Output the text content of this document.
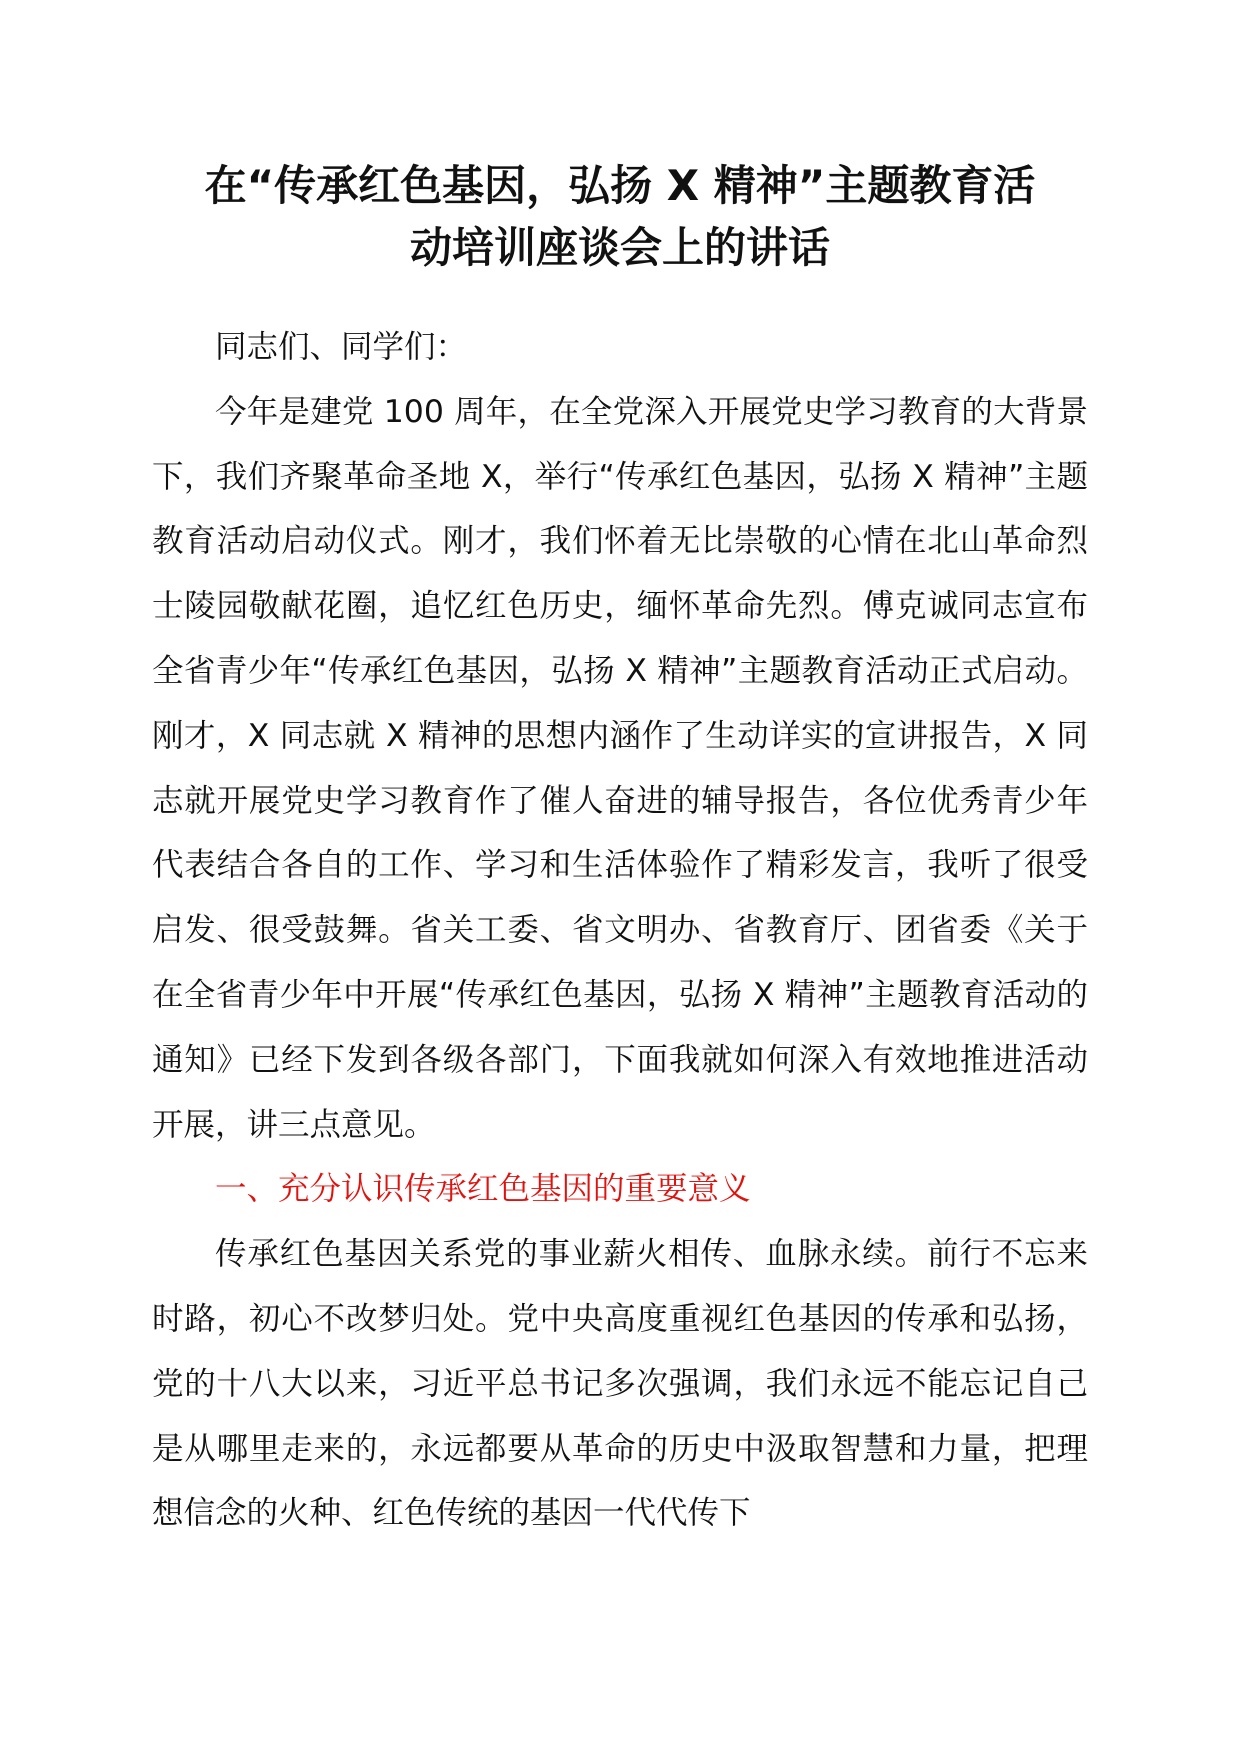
在“传承红色基因，弘扬 X 精神”主题教育活
动培训座谈会上的讲话

同志们、同学们：

今年是建党 100 周年，在全党深入开展党史学习教育的大背景下，我们齐聚革命圣地 X，举行“传承红色基因，弘扬 X 精神”主题教育活动启动仪式。刚才，我们怀着无比崇敬的心情在北山革命烈士陵园敬献花圈，追忆红色历史，缅怀革命先烈。傅克诚同志宣布全省青少年“传承红色基因，弘扬 X 精神”主题教育活动正式启动。刚才，X 同志就 X 精神的思想内涵作了生动详实的宣讲报告，X 同志就开展党史学习教育作了催人奋进的辅导报告，各位优秀青少年代表结合各自的工作、学习和生活体验作了精彩发言，我听了很受启发、很受鼓舞。省关工委、省文明办、省教育厅、团省委《关于在全省青少年中开展“传承红色基因，弘扬 X 精神”主题教育活动的通知》已经下发到各级各部门，下面我就如何深入有效地推进活动开展，讲三点意见。

一、充分认识传承红色基因的重要意义

传承红色基因关系党的事业薪火相传、血脉永续。前行不忘来时路，初心不改梦归处。党中央高度重视红色基因的传承和弘扬，党的十八大以来，习近平总书记多次强调，我们永远不能忘记自己是从哪里走来的，永远都要从革命的历史中汲取智慧和力量，把理想信念的火种、红色传统的基因一代代传下
